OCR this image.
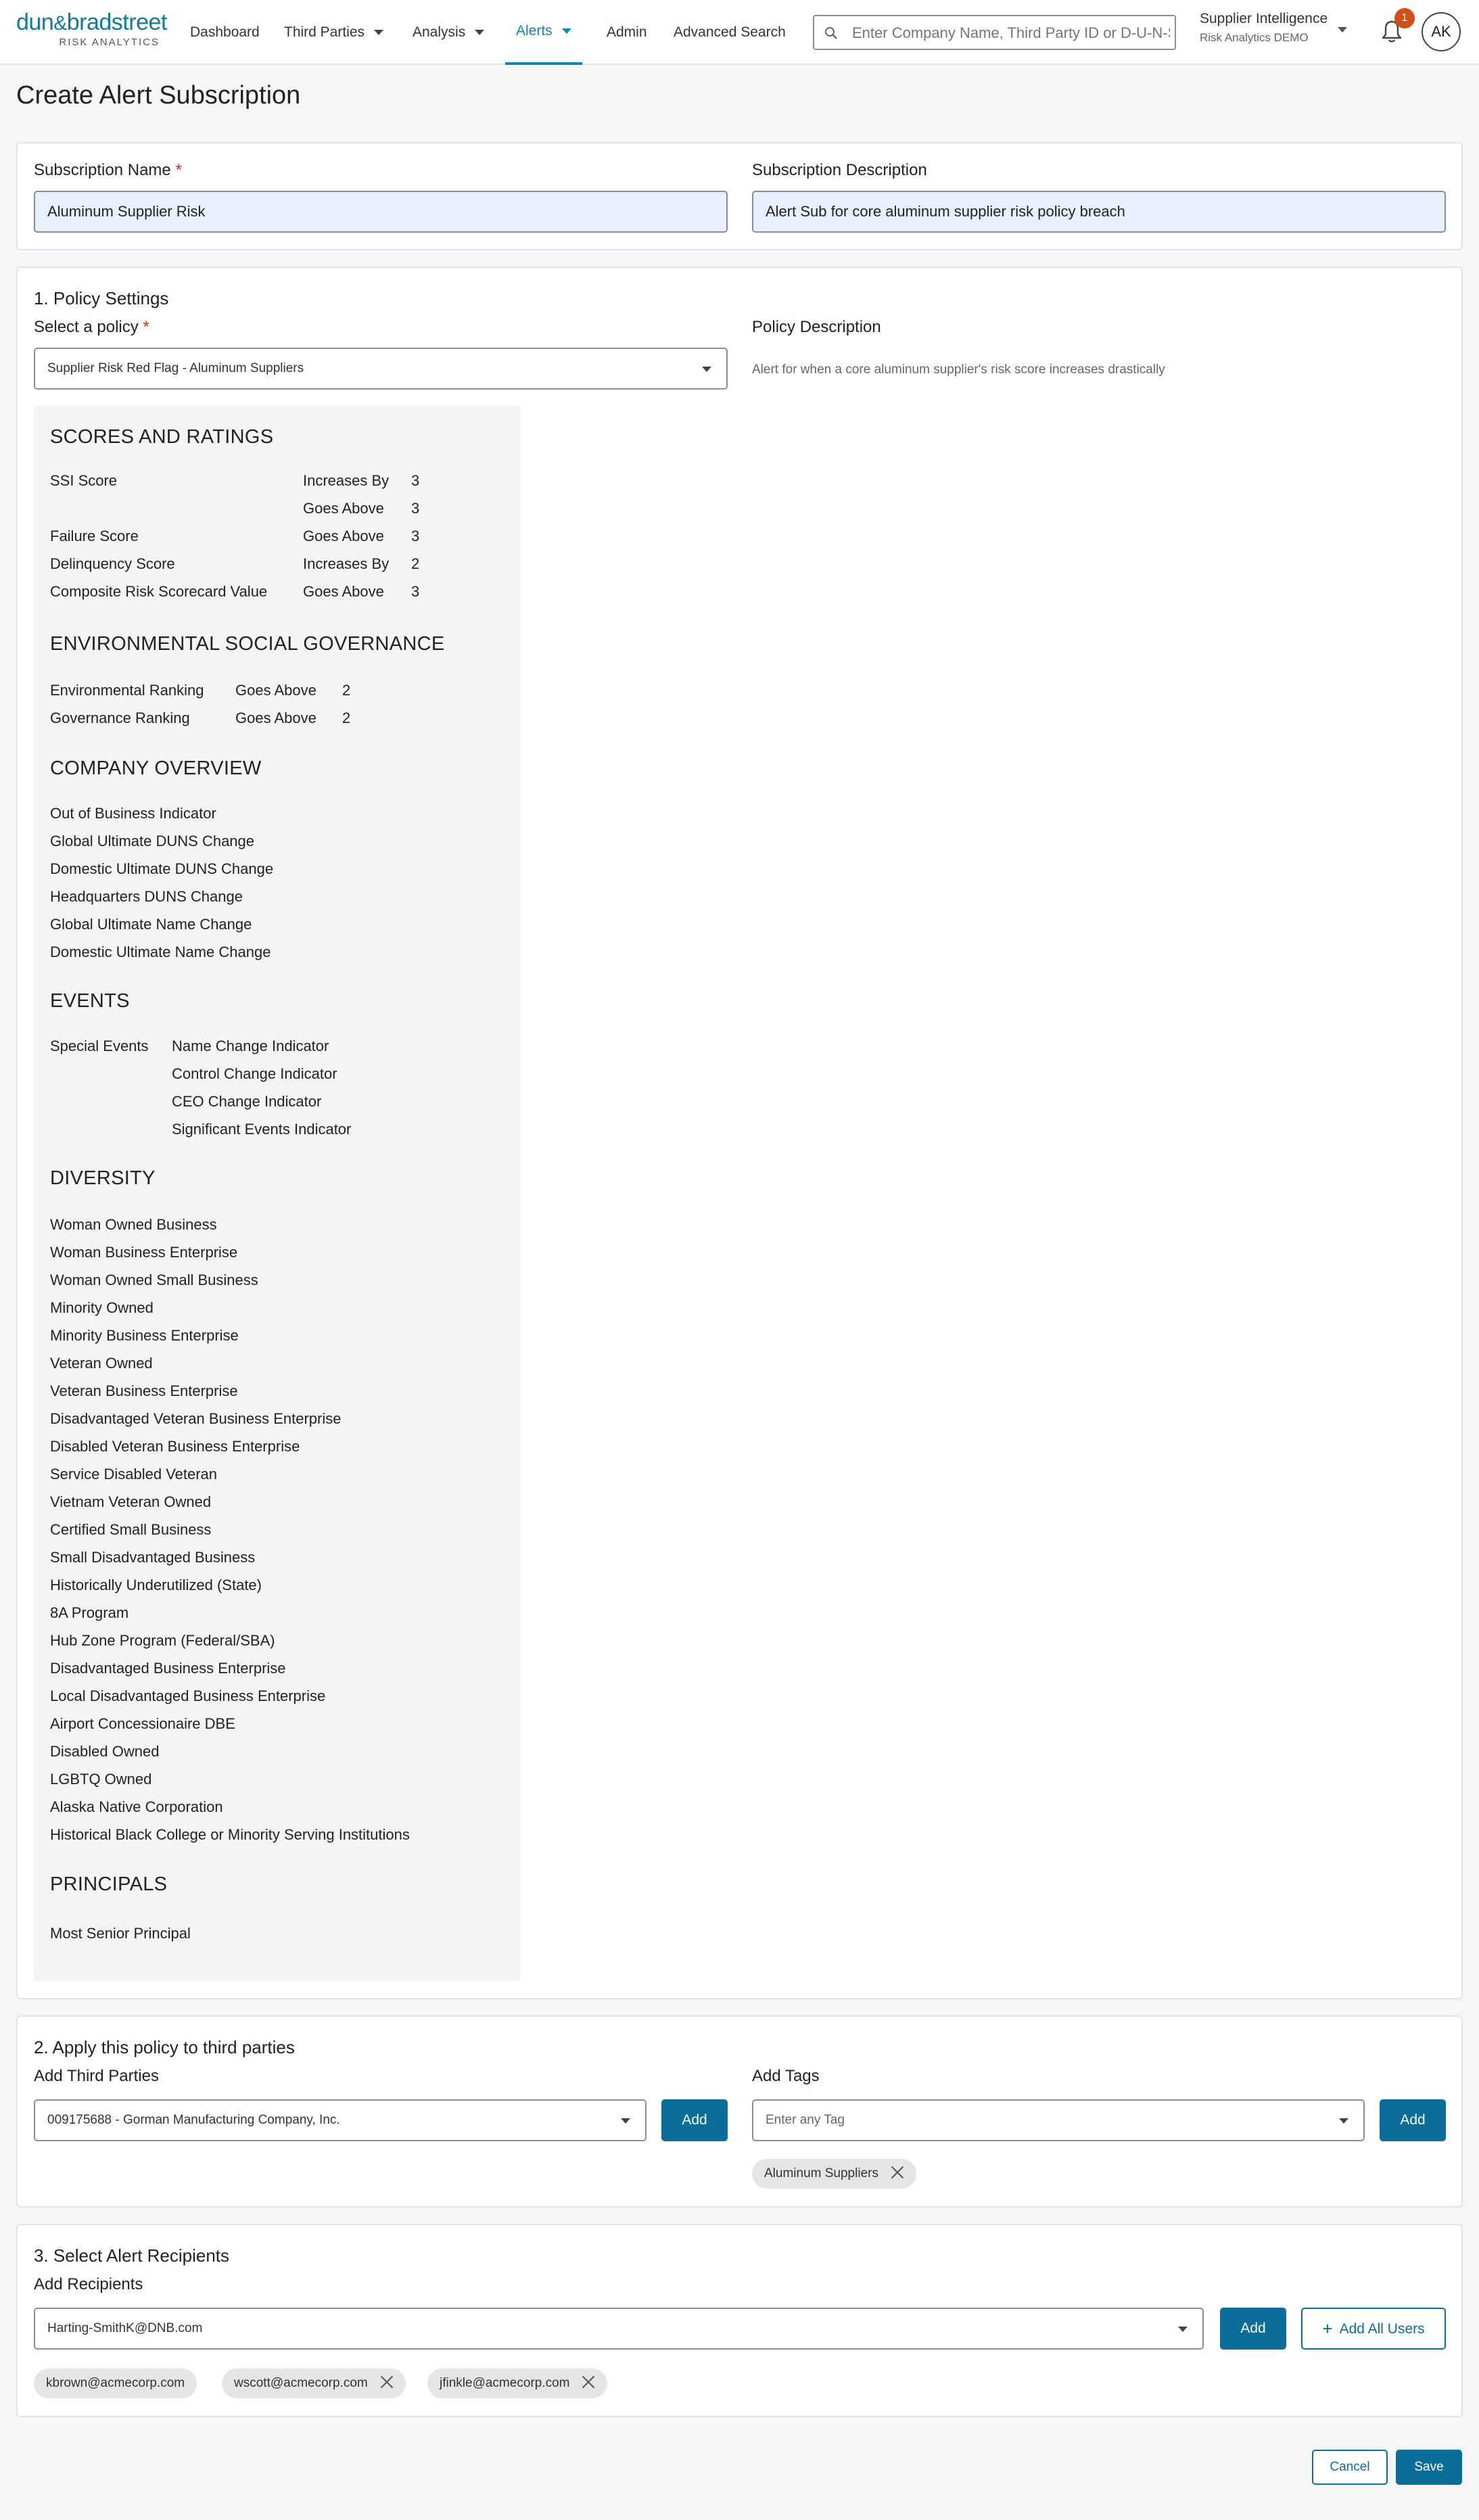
dun&bradstreet
RISK ANALYTICS
Dashboard Third Parties	Analysis	Alerts	Admin Advanced Search
Enter Company Name, Third Party ID or D-U-N-S
Supplier Intelligence
Risk Analytics DEMO
1
AK
Create Alert Subscription
Subscription Name *
Aluminum Supplier Risk
Subscription Description
Alert Sub for core aluminum supplier risk policy breach
1. Policy Settings
Select a policy *
Supplier Risk Red Flag - Aluminum Suppliers
Policy Description
Alert for when a core aluminum supplier's risk score increases drastically
SCORES AND RATINGS
SSI Score	Increases By 3
Goes Above 3
Failure Score	Goes Above 3
Delinquency Score	Increases By 2
Composite Risk Scorecard Value Goes Above 3
ENVIRONMENTAL SOCIAL GOVERNANCE
Environmental Ranking Goes Above 2
Governance Ranking	Goes Above 2
COMPANY OVERVIEW
Out of Business Indicator
Global Ultimate DUNS Change
Domestic Ultimate DUNS Change
Headquarters DUNS Change
Global Ultimate Name Change
Domestic Ultimate Name Change
EVENTS
Special Events Name Change Indicator
Control Change Indicator
CEO Change Indicator
Significant Events Indicator
DIVERSITY
Woman Owned Business
Woman Business Enterprise
Woman Owned Small Business
Minority Owned
Minority Business Enterprise
Veteran Owned
Veteran Business Enterprise
Disadvantaged Veteran Business Enterprise
Disabled Veteran Business Enterprise
Service Disabled Veteran
Vietnam Veteran Owned
Certified Small Business
Small Disadvantaged Business
Historically Underutilized (State)
8A Program
Hub Zone Program (Federal/SBA)
Disadvantaged Business Enterprise
Local Disadvantaged Business Enterprise
Airport Concessionaire DBE
Disabled Owned
LGBTQ Owned
Alaska Native Corporation
Historical Black College or Minority Serving Institutions
PRINCIPALS
Most Senior Principal
2. Apply this policy to third parties
Add Third Parties
009175688 - Gorman Manufacturing Company, Inc.	Add
Add Tags
Enter any Tag	Add
Aluminum Suppliers
3. Select Alert Recipients
Add Recipients
Harting-SmithK@DNB.com	Add	+ Add All Users
kbrown@acmecorp.com	wscott@acmecorp.com	jfinkle@acmecorp.com
Cancel	Save
